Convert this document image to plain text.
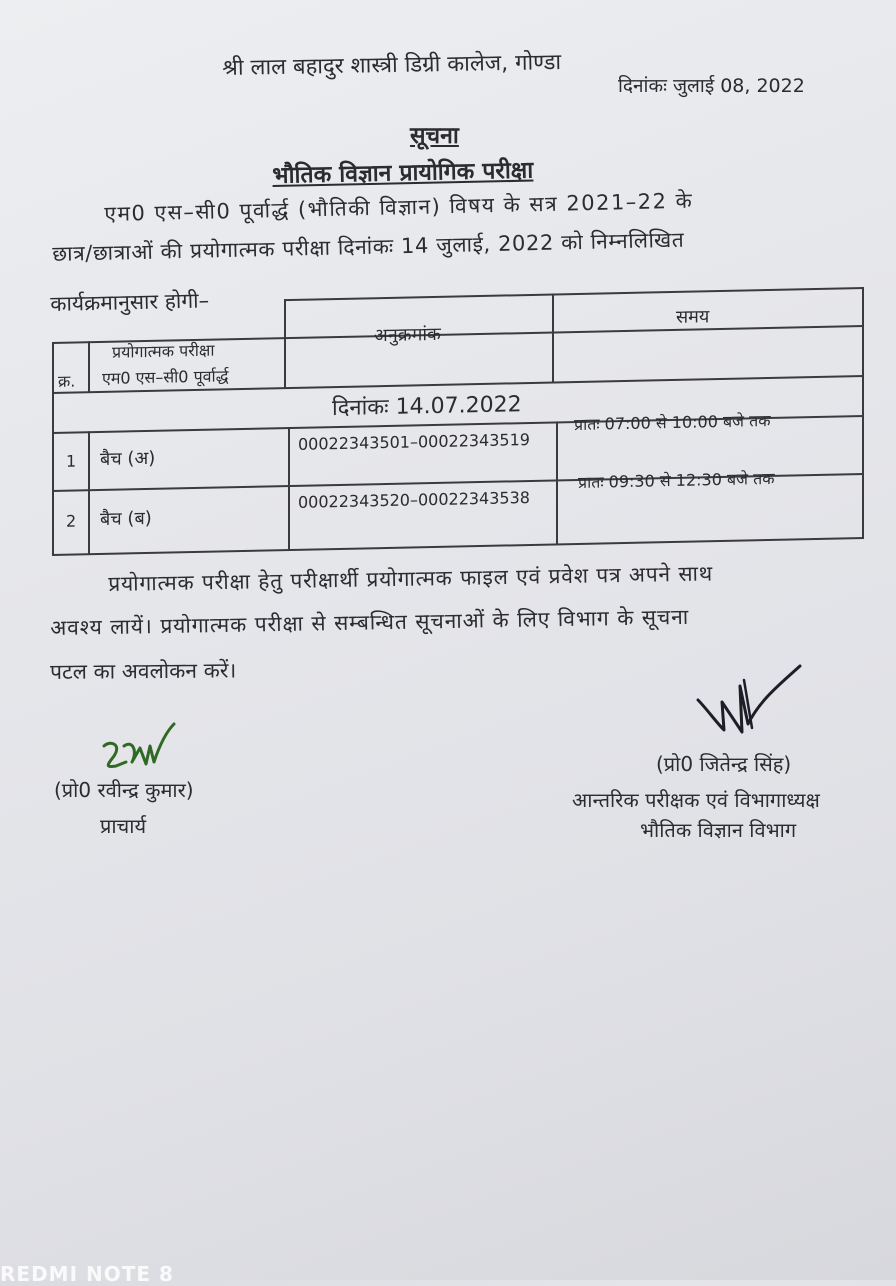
श्री लाल बहादुर शास्त्री डिग्री कालेज, गोण्डा
दिनांकः जुलाई 08, 2022
सूचना
भौतिक विज्ञान प्रायोगिक परीक्षा
एम0 एस–सी0 पूर्वार्द्ध (भौतिकी विज्ञान) विषय के सत्र 2021–22 के
छात्र/छात्राओं की प्रयोगात्मक परीक्षा दिनांकः 14 जुलाई, 2022 को निम्नलिखित
कार्यक्रमानुसार होगी–
क्र.
प्रयोगात्मक परीक्षा
एम0 एस–सी0 पूर्वार्द्ध
अनुक्रमांक
समय
दिनांकः 14.07.2022
1 बैच (अ)
00022343501–00022343519
प्रातः 07:00 से 10:00 बजे तक
2 बैच (ब)
00022343520–00022343538
प्रातः 09:30 से 12:30 बजे तक
प्रयोगात्मक परीक्षा हेतु परीक्षार्थी प्रयोगात्मक फाइल एवं प्रवेश पत्र अपने साथ
अवश्य लायें। प्रयोगात्मक परीक्षा से सम्बन्धित सूचनाओं के लिए विभाग के सूचना
पटल का अवलोकन करें।
(प्रो0 जितेन्द्र सिंह)
आन्तरिक परीक्षक एवं विभागाध्यक्ष
भौतिक विज्ञान विभाग
(प्रो0 रवीन्द्र कुमार)
प्राचार्य
REDMI NOTE 8
